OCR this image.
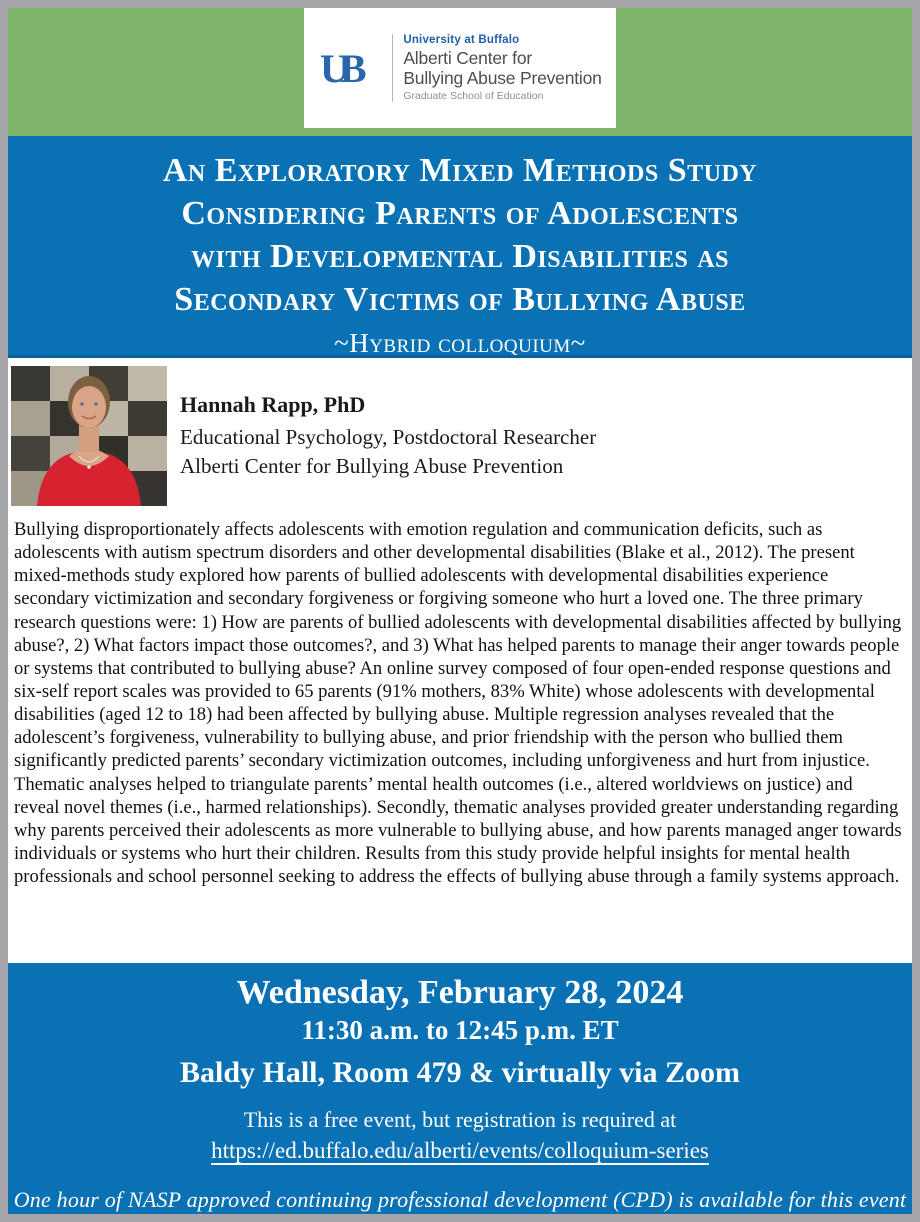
UB
University at Buffalo
Alberti Center for
Bullying Abuse Prevention
Graduate School of Education
An Exploratory Mixed Methods Study
Considering Parents of Adolescents
with Developmental Disabilities as
Secondary Victims of Bullying Abuse
~Hybrid colloquium~
Hannah Rapp, PhD
Educational Psychology, Postdoctoral Researcher
Alberti Center for Bullying Abuse Prevention
Bullying disproportionately affects adolescents with emotion regulation and communication deficits, such as adolescents with autism spectrum disorders and other developmental disabilities (Blake et al., 2012). The present mixed-methods study explored how parents of bullied adolescents with developmental disabilities experience secondary victimization and secondary forgiveness or forgiving someone who hurt a loved one. The three primary research questions were: 1) How are parents of bullied adolescents with developmental disabilities affected by bullying abuse?, 2) What factors impact those outcomes?, and 3) What has helped parents to manage their anger towards people or systems that contributed to bullying abuse? An online survey composed of four open-ended response questions and six-self report scales was provided to 65 parents (91% mothers, 83% White) whose adolescents with developmental disabilities (aged 12 to 18) had been affected by bullying abuse. Multiple regression analyses revealed that the adolescent’s forgiveness, vulnerability to bullying abuse, and prior friendship with the person who bullied them significantly predicted parents’ secondary victimization outcomes, including unforgiveness and hurt from injustice. Thematic analyses helped to triangulate parents’ mental health outcomes (i.e., altered worldviews on justice) and reveal novel themes (i.e., harmed relationships). Secondly, thematic analyses provided greater understanding regarding why parents perceived their adolescents as more vulnerable to bullying abuse, and how parents managed anger towards individuals or systems who hurt their children. Results from this study provide helpful insights for mental health professionals and school personnel seeking to address the effects of bullying abuse through a family systems approach.
Wednesday, February 28, 2024
11:30 a.m. to 12:45 p.m. ET
Baldy Hall, Room 479 & virtually via Zoom
This is a free event, but registration is required at
https://ed.buffalo.edu/alberti/events/colloquium-series
One hour of NASP approved continuing professional development (CPD) is available for this event
